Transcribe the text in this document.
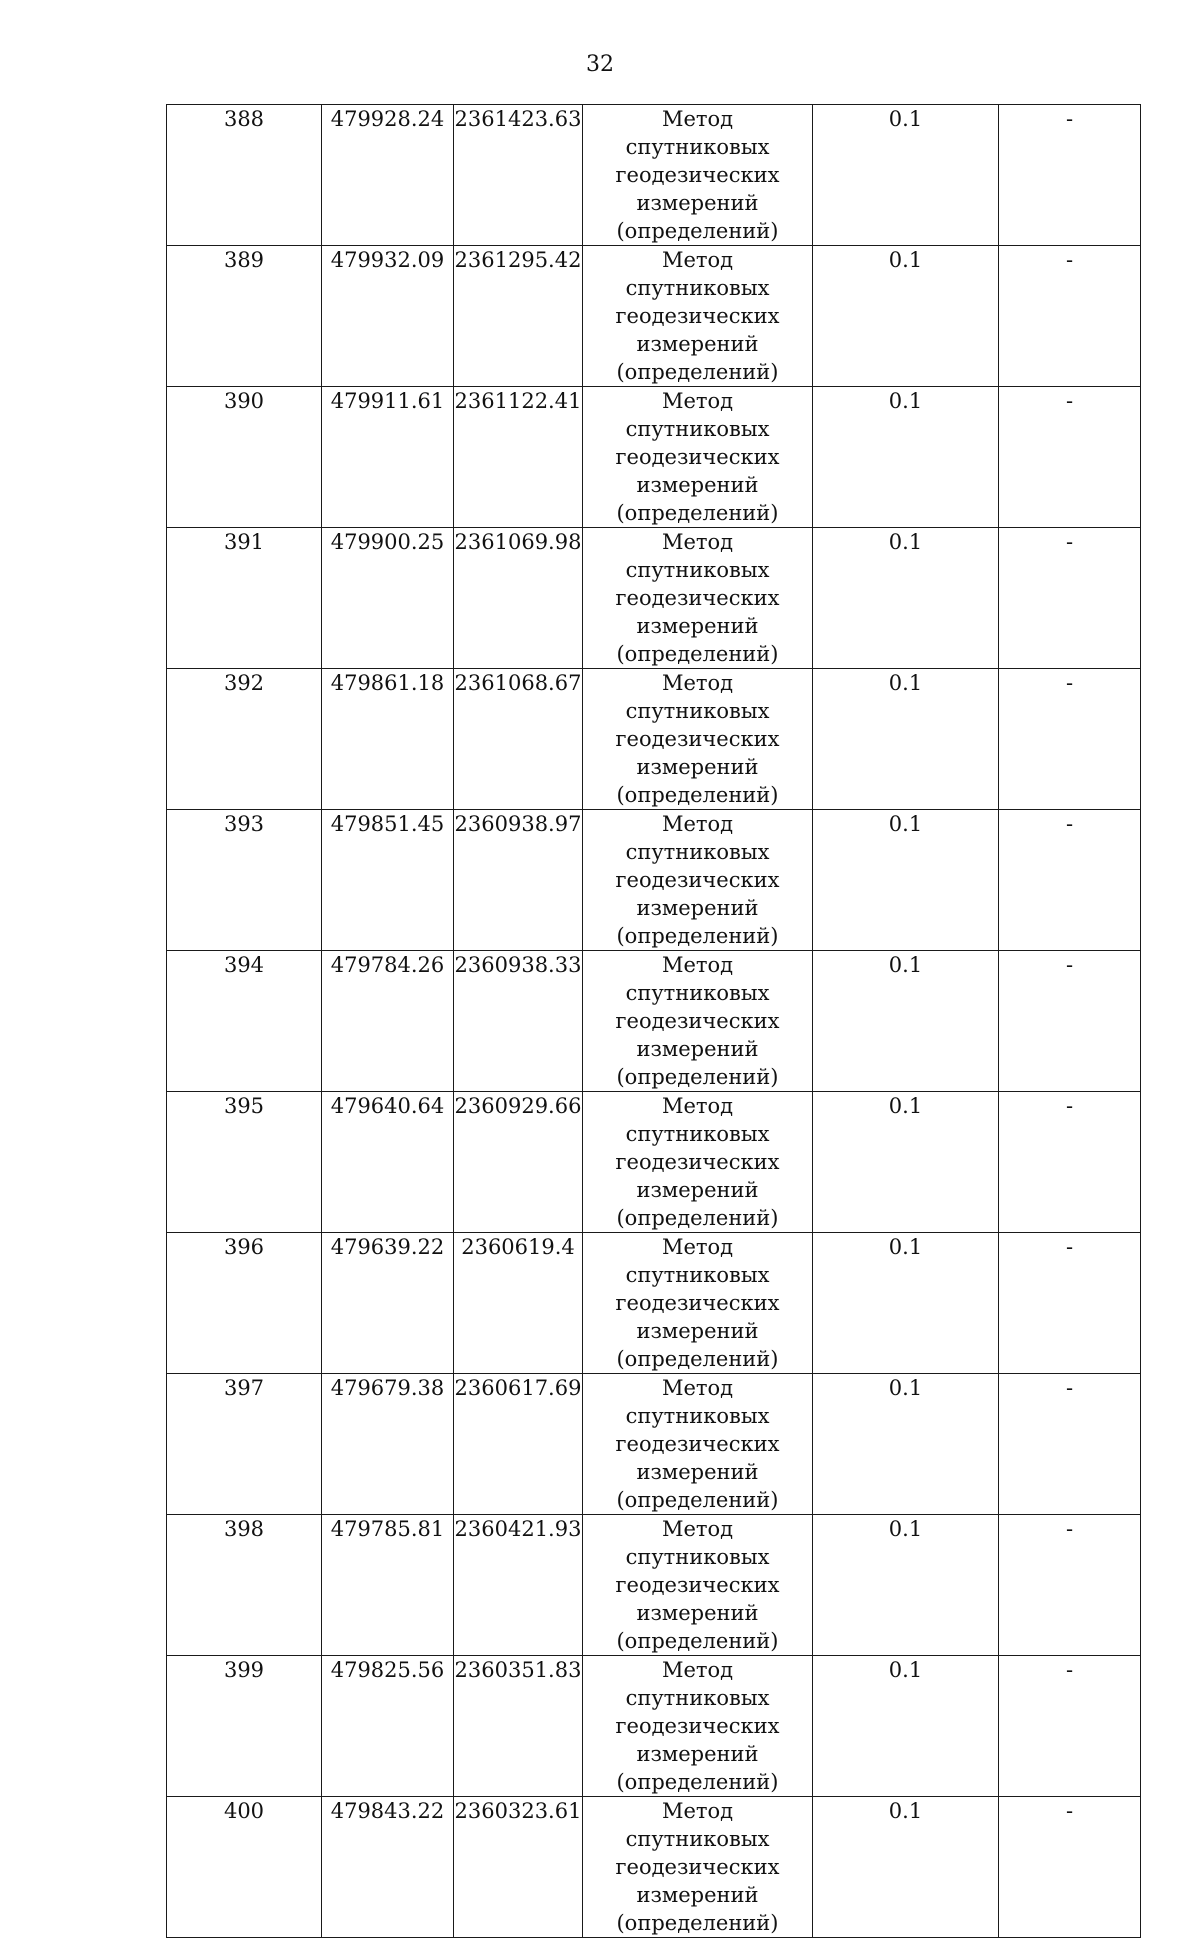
32
388	479928.24	2361423.63	Метод спутниковых геодезических измерений (определений)	0.1	-
389	479932.09	2361295.42	Метод спутниковых геодезических измерений (определений)	0.1	-
390	479911.61	2361122.41	Метод спутниковых геодезических измерений (определений)	0.1	-
391	479900.25	2361069.98	Метод спутниковых геодезических измерений (определений)	0.1	-
392	479861.18	2361068.67	Метод спутниковых геодезических измерений (определений)	0.1	-
393	479851.45	2360938.97	Метод спутниковых геодезических измерений (определений)	0.1	-
394	479784.26	2360938.33	Метод спутниковых геодезических измерений (определений)	0.1	-
395	479640.64	2360929.66	Метод спутниковых геодезических измерений (определений)	0.1	-
396	479639.22	2360619.4	Метод спутниковых геодезических измерений (определений)	0.1	-
397	479679.38	2360617.69	Метод спутниковых геодезических измерений (определений)	0.1	-
398	479785.81	2360421.93	Метод спутниковых геодезических измерений (определений)	0.1	-
399	479825.56	2360351.83	Метод спутниковых геодезических измерений (определений)	0.1	-
400	479843.22	2360323.61	Метод спутниковых геодезических измерений (определений)	0.1	-
